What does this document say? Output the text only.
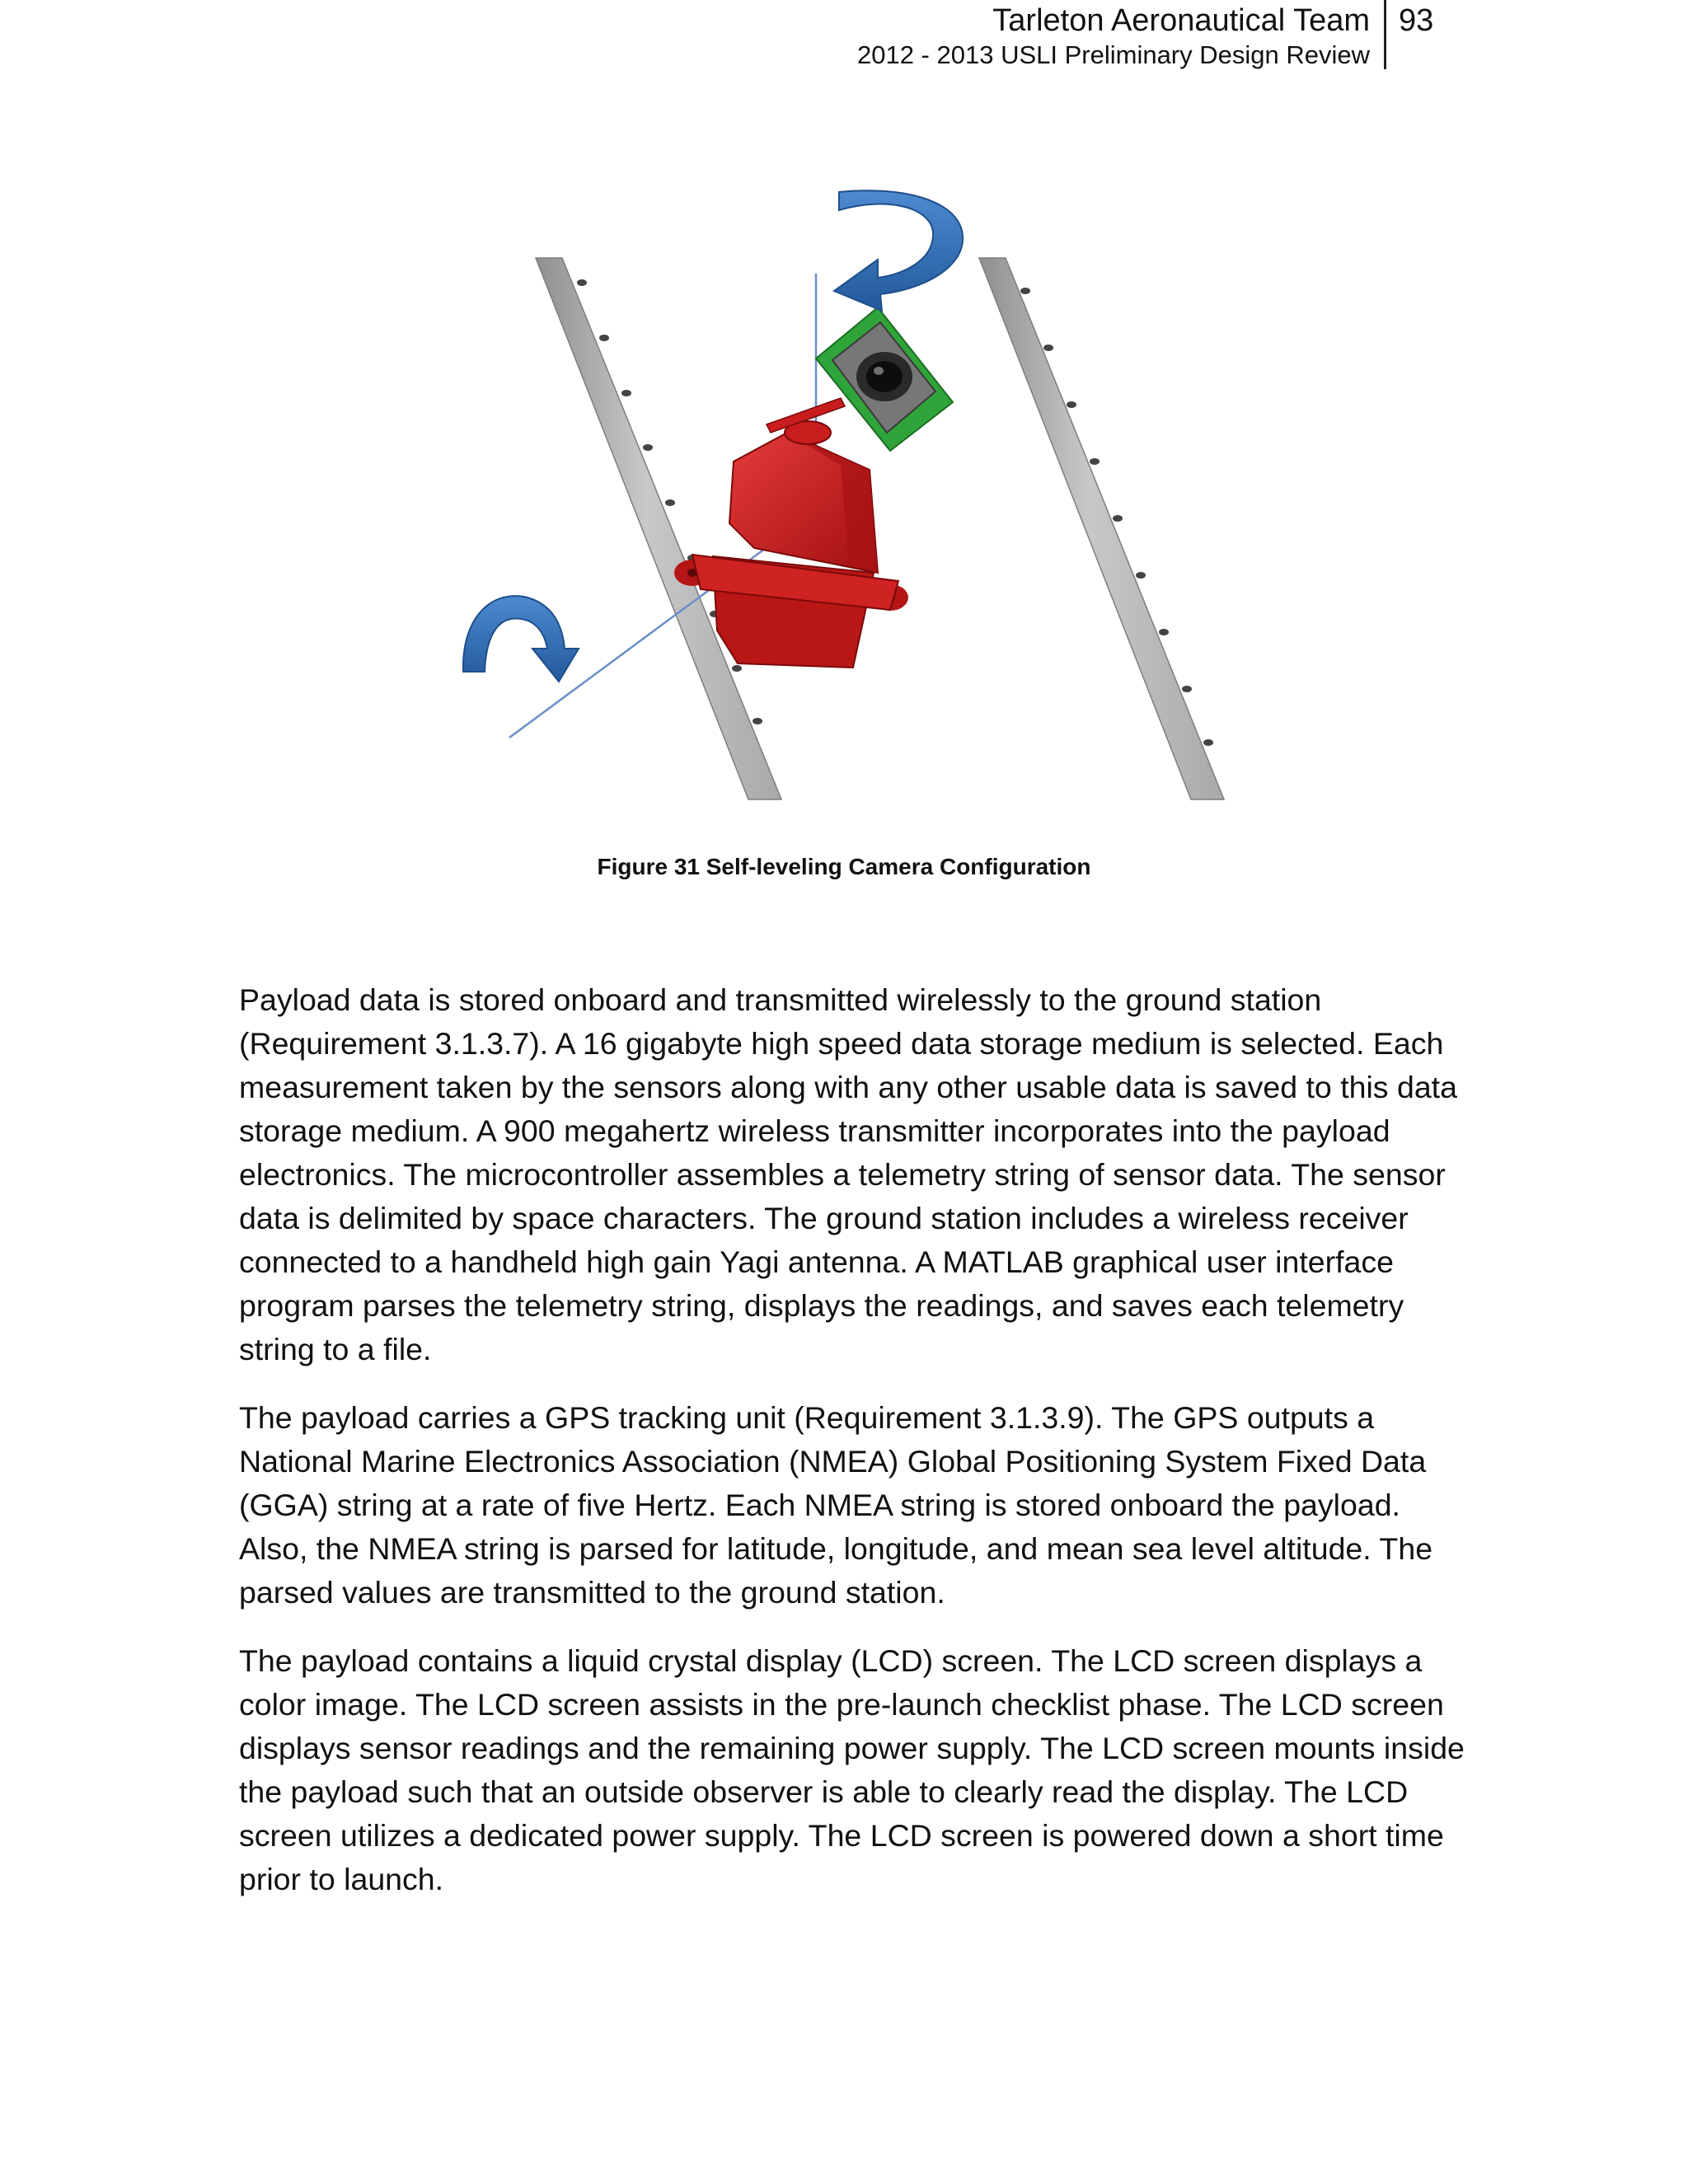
Tarleton Aeronautical Team
2012 - 2013 USLI Preliminary Design Review
93
Figure 31 Self-leveling Camera Configuration

Payload data is stored onboard and transmitted wirelessly to the ground station (Requirement 3.1.3.7). A 16 gigabyte high speed data storage medium is selected. Each measurement taken by the sensors along with any other usable data is saved to this data storage medium. A 900 megahertz wireless transmitter incorporates into the payload electronics. The microcontroller assembles a telemetry string of sensor data. The sensor data is delimited by space characters. The ground station includes a wireless receiver connected to a handheld high gain Yagi antenna. A MATLAB graphical user interface program parses the telemetry string, displays the readings, and saves each telemetry string to a file.

The payload carries a GPS tracking unit (Requirement 3.1.3.9). The GPS outputs a National Marine Electronics Association (NMEA) Global Positioning System Fixed Data (GGA) string at a rate of five Hertz. Each NMEA string is stored onboard the payload. Also, the NMEA string is parsed for latitude, longitude, and mean sea level altitude. The parsed values are transmitted to the ground station.

The payload contains a liquid crystal display (LCD) screen. The LCD screen displays a color image. The LCD screen assists in the pre-launch checklist phase. The LCD screen displays sensor readings and the remaining power supply. The LCD screen mounts inside the payload such that an outside observer is able to clearly read the display. The LCD screen utilizes a dedicated power supply. The LCD screen is powered down a short time prior to launch.
